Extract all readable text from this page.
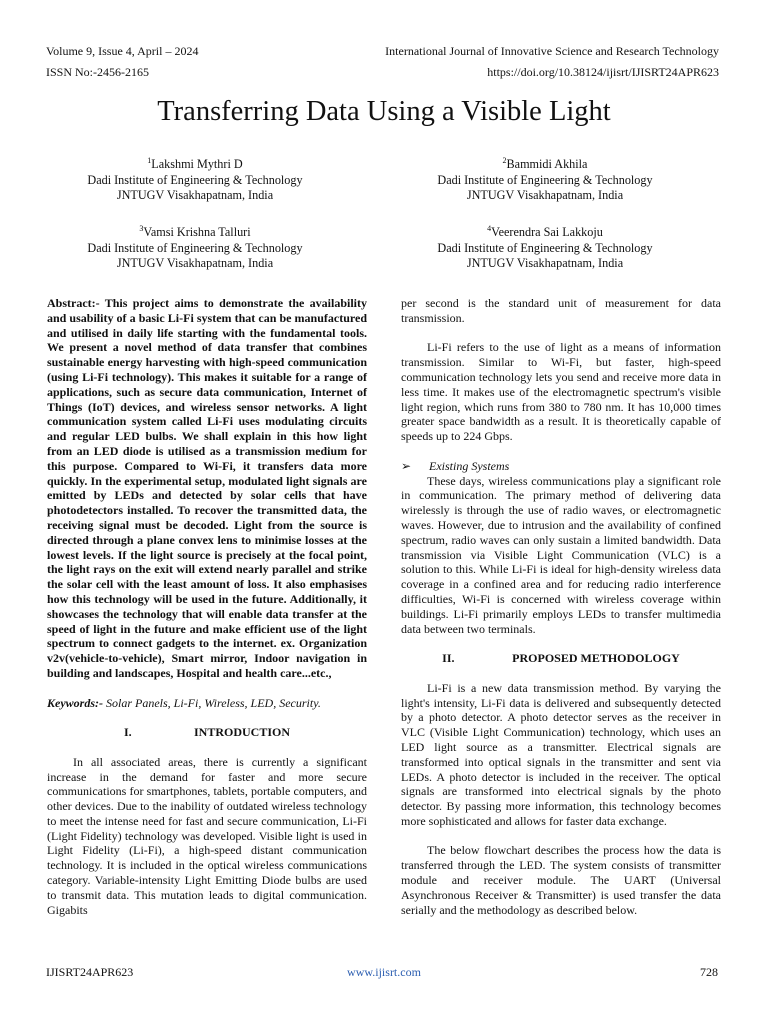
Volume 9, Issue 4, April – 2024	International Journal of Innovative Science and Research Technology
ISSN No:-2456-2165	https://doi.org/10.38124/ijisrt/IJISRT24APR623
Transferring Data Using a Visible Light
$^1$Lakshmi Mythri D
Dadi Institute of Engineering & Technology
JNTUGV Visakhapatnam, India
$^2$Bammidi Akhila
Dadi Institute of Engineering & Technology
JNTUGV Visakhapatnam, India
$^3$Vamsi Krishna Talluri
Dadi Institute of Engineering & Technology
JNTUGV Visakhapatnam, India
$^4$Veerendra Sai Lakkoju
Dadi Institute of Engineering & Technology
JNTUGV Visakhapatnam, India

Abstract:- This project aims to demonstrate the availability and usability of a basic Li-Fi system that can be manufactured and utilised in daily life starting with the fundamental tools. We present a novel method of data transfer that combines sustainable energy harvesting with high-speed communication (using Li-Fi technology). This makes it suitable for a range of applications, such as secure data communication, Internet of Things (IoT) devices, and wireless sensor networks. A light communication system called Li-Fi uses modulating circuits and regular LED bulbs. We shall explain in this how light from an LED diode is utilised as a transmission medium for this purpose. Compared to Wi-Fi, it transfers data more quickly. In the experimental setup, modulated light signals are emitted by LEDs and detected by solar cells that have photodetectors installed. To recover the transmitted data, the receiving signal must be decoded. Light from the source is directed through a plane convex lens to minimise losses at the lowest levels. If the light source is precisely at the focal point, the light rays on the exit will extend nearly parallel and strike the solar cell with the least amount of loss. It also emphasises how this technology will be used in the future. Additionally, it showcases the technology that will enable data transfer at the speed of light in the future and make efficient use of the light spectrum to connect gadgets to the internet. ex. Organization v2v(vehicle-to-vehicle), Smart mirror, Indoor navigation in building and landscapes, Hospital and health care...etc.,

Keywords:- Solar Panels, Li-Fi, Wireless, LED, Security.

I.	INTRODUCTION

In all associated areas, there is currently a significant increase in the demand for faster and more secure communications for smartphones, tablets, portable computers, and other devices. Due to the inability of outdated wireless technology to meet the intense need for fast and secure communication, Li-Fi (Light Fidelity) technology was developed. Visible light is used in Light Fidelity (Li-Fi), a high-speed distant communication technology. It is included in the optical wireless communications category. Variable-intensity Light Emitting Diode bulbs are used to transmit data. This mutation leads to digital communication. Gigabits

per second is the standard unit of measurement for data transmission.

Li-Fi refers to the use of light as a means of information transmission. Similar to Wi-Fi, but faster, high-speed communication technology lets you send and receive more data in less time. It makes use of the electromagnetic spectrum's visible light region, which runs from 380 to 780 nm. It has 10,000 times greater space bandwidth as a result. It is theoretically capable of speeds up to 224 Gbps.

➢ Existing Systems

These days, wireless communications play a significant role in communication. The primary method of delivering data wirelessly is through the use of radio waves, or electromagnetic waves. However, due to intrusion and the availability of confined spectrum, radio waves can only sustain a limited bandwidth. Data transmission via Visible Light Communication (VLC) is a solution to this. While Li-Fi is ideal for high-density wireless data coverage in a confined area and for reducing radio interference difficulties, Wi-Fi is concerned with wireless coverage within buildings. Li-Fi primarily employs LEDs to transfer multimedia data between two terminals.

II.	PROPOSED METHODOLOGY

Li-Fi is a new data transmission method. By varying the light's intensity, Li-Fi data is delivered and subsequently detected by a photo detector. A photo detector serves as the receiver in VLC (Visible Light Communication) technology, which uses an LED light source as a transmitter. Electrical signals are transformed into optical signals in the transmitter and sent via LEDs. A photo detector is included in the receiver. The optical signals are transformed into electrical signals by the photo detector. By passing more information, this technology becomes more sophisticated and allows for faster data exchange.

The below flowchart describes the process how the data is transferred through the LED. The system consists of transmitter module and receiver module. The UART (Universal Asynchronous Receiver & Transmitter) is used transfer the data serially and the methodology as described below.

IJISRT24APR623	www.ijisrt.com	728
